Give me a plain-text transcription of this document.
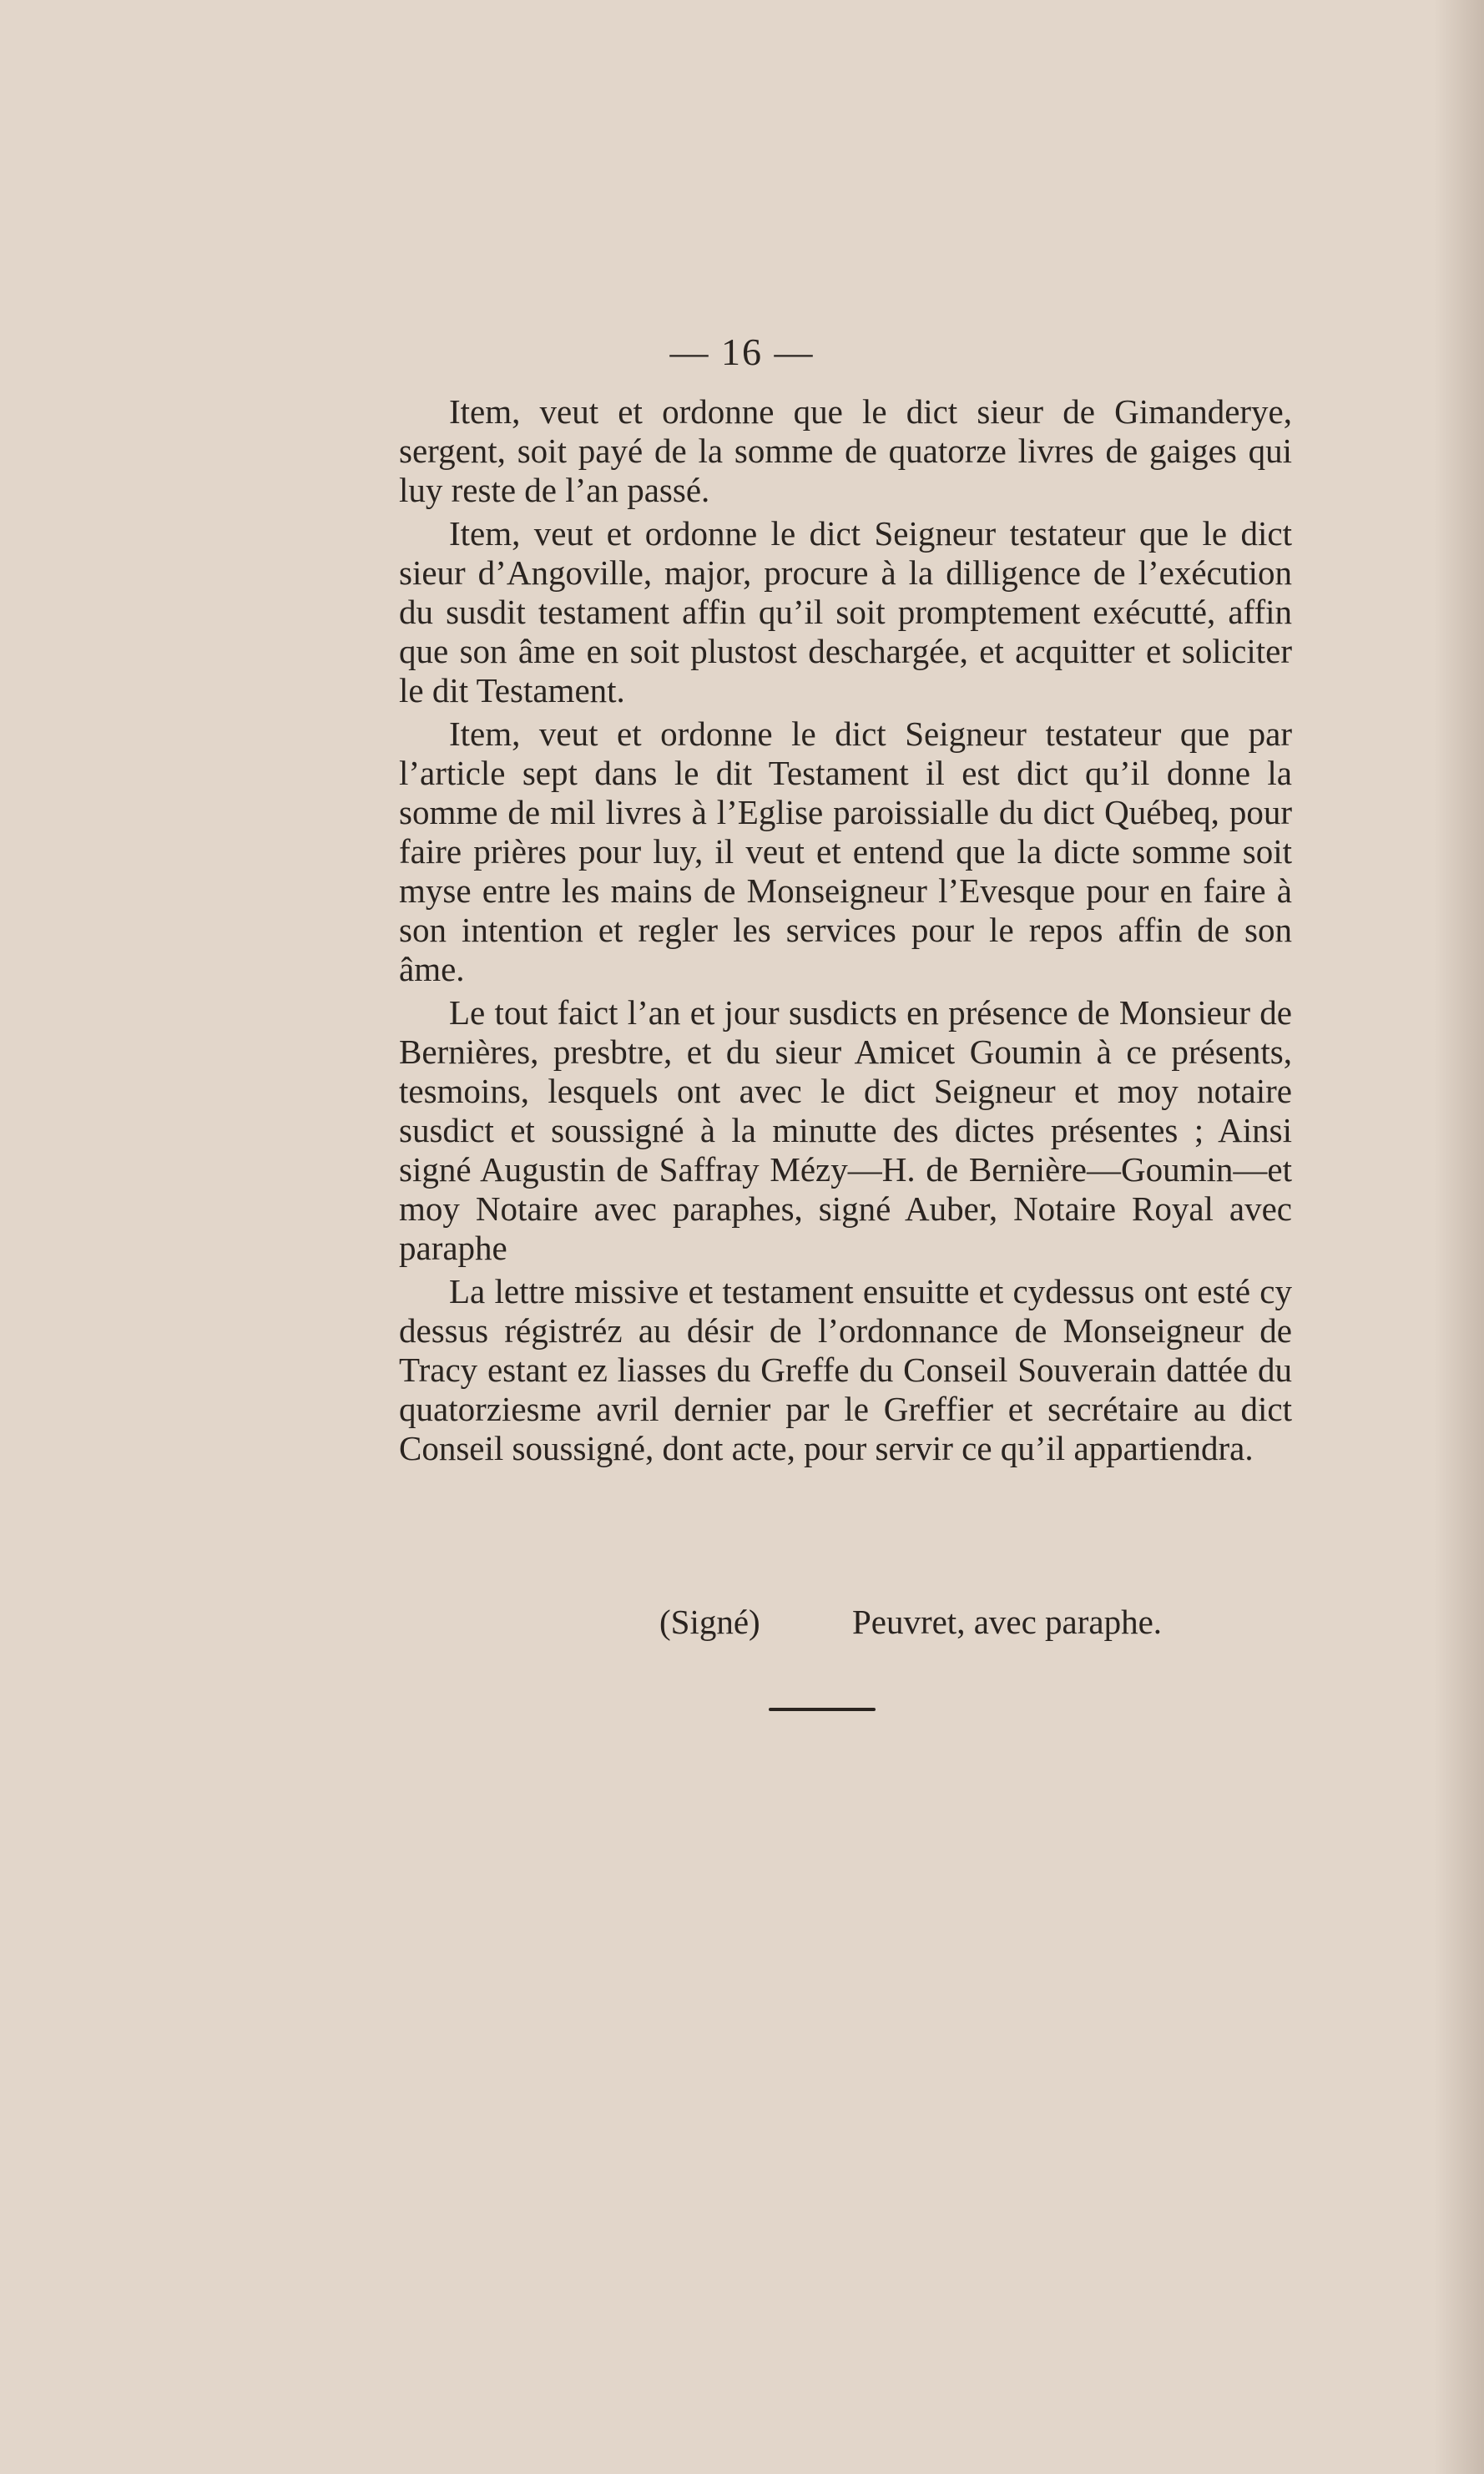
— 16 —

Item, veut et ordonne que le dict sieur de Gimanderye, sergent, soit payé de la somme de quatorze livres de gaiges qui luy reste de l’an passé.

Item, veut et ordonne le dict Seigneur testateur que le dict sieur d’Angoville, major, procure à la dilligence de l’exécution du susdit testament affin qu’il soit promptement exécutté, affin que son âme en soit plustost deschargée, et acquitter et soliciter le dit Testament.

Item, veut et ordonne le dict Seigneur testateur que par l’article sept dans le dit Testament il est dict qu’il donne la somme de mil livres à l’Eglise paroissialle du dict Québeq, pour faire prières pour luy, il veut et entend que la dicte somme soit myse entre les mains de Monseigneur l’Evesque pour en faire à son intention et regler les services pour le repos affin de son âme.

Le tout faict l’an et jour susdicts en présence de Monsieur de Bernières, presbtre, et du sieur Amicet Goumin à ce présents, tesmoins, lesquels ont avec le dict Seigneur et moy notaire susdict et soussigné à la minutte des dictes présentes ; Ainsi signé Augustin de Saffray Mézy—H. de Bernière—Goumin—et moy Notaire avec paraphes, signé Auber, Notaire Royal avec paraphe

La lettre missive et testament ensuitte et cydessus ont esté cy dessus régistréz au désir de l’ordonnance de Monseigneur de Tracy estant ez liasses du Greffe du Conseil Souverain dattée du quatorziesme avril dernier par le Greffier et secrétaire au dict Conseil soussigné, dont acte, pour servir ce qu’il appartiendra.

(Signé)	Peuvret, avec paraphe.
